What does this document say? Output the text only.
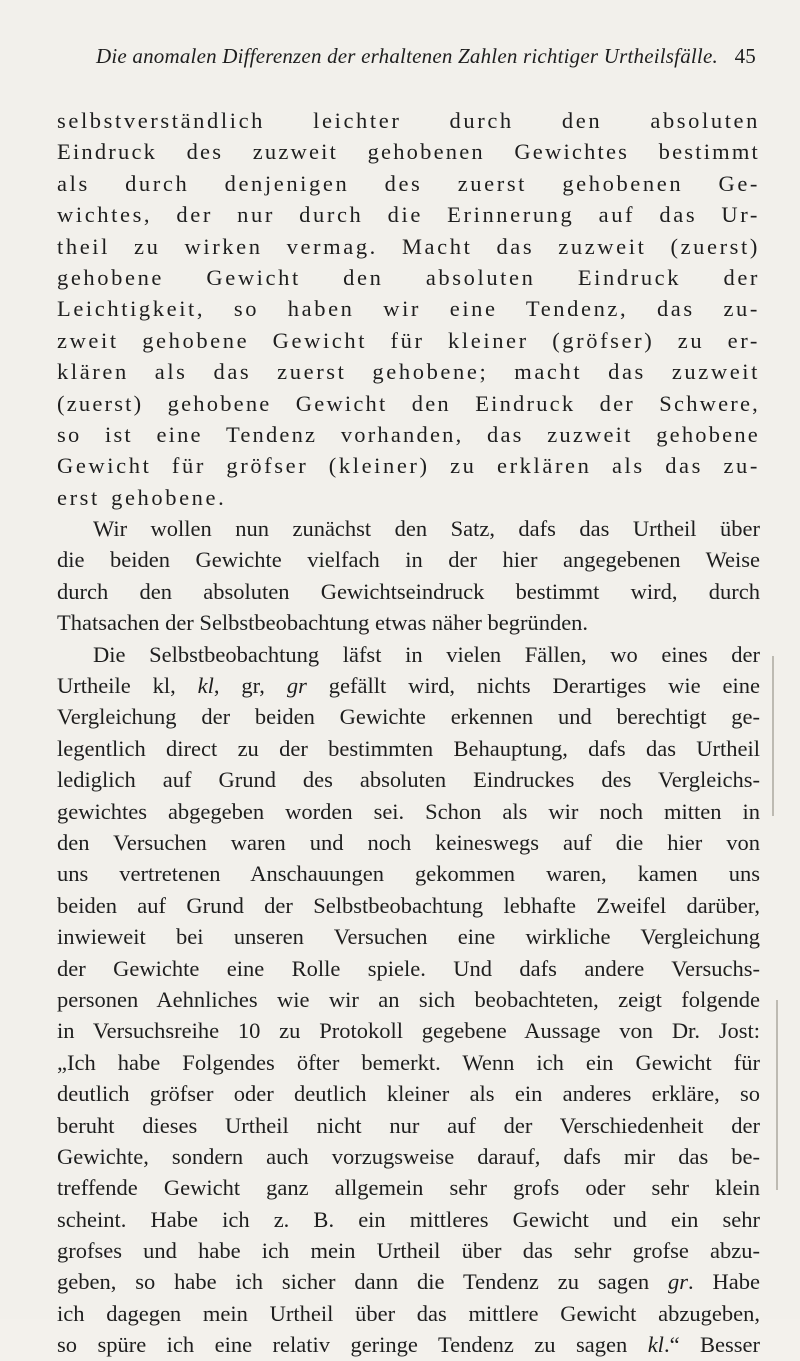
Die anomalen Differenzen der erhaltenen Zahlen richtiger Urtheilsfälle. 45
selbstverständlich leichter durch den absoluten
Eindruck des zuzweit gehobenen Gewichtes bestimmt
als durch denjenigen des zuerst gehobenen Ge-
wichtes, der nur durch die Erinnerung auf das Ur-
theil zu wirken vermag. Macht das zuzweit (zuerst)
gehobene Gewicht den absoluten Eindruck der
Leichtigkeit, so haben wir eine Tendenz, das zu-
zweit gehobene Gewicht für kleiner (gröfser) zu er-
klären als das zuerst gehobene; macht das zuzweit
(zuerst) gehobene Gewicht den Eindruck der Schwere,
so ist eine Tendenz vorhanden, das zuzweit gehobene
Gewicht für gröfser (kleiner) zu erklären als das zu-
erst gehobene.
Wir wollen nun zunächst den Satz, dafs das Urtheil über
die beiden Gewichte vielfach in der hier angegebenen Weise
durch den absoluten Gewichtseindruck bestimmt wird, durch
Thatsachen der Selbstbeobachtung etwas näher begründen.
Die Selbstbeobachtung läfst in vielen Fällen, wo eines der
Urtheile kl, kl, gr, gr gefällt wird, nichts Derartiges wie eine
Vergleichung der beiden Gewichte erkennen und berechtigt ge-
legentlich direct zu der bestimmten Behauptung, dafs das Urtheil
lediglich auf Grund des absoluten Eindruckes des Vergleichs-
gewichtes abgegeben worden sei. Schon als wir noch mitten in
den Versuchen waren und noch keineswegs auf die hier von
uns vertretenen Anschauungen gekommen waren, kamen uns
beiden auf Grund der Selbstbeobachtung lebhafte Zweifel darüber,
inwieweit bei unseren Versuchen eine wirkliche Vergleichung
der Gewichte eine Rolle spiele. Und dafs andere Versuchs-
personen Aehnliches wie wir an sich beobachteten, zeigt folgende
in Versuchsreihe 10 zu Protokoll gegebene Aussage von Dr. Jost:
„Ich habe Folgendes öfter bemerkt. Wenn ich ein Gewicht für
deutlich gröfser oder deutlich kleiner als ein anderes erkläre, so
beruht dieses Urtheil nicht nur auf der Verschiedenheit der
Gewichte, sondern auch vorzugsweise darauf, dafs mir das be-
treffende Gewicht ganz allgemein sehr grofs oder sehr klein
scheint. Habe ich z. B. ein mittleres Gewicht und ein sehr
grofses und habe ich mein Urtheil über das sehr grofse abzu-
geben, so habe ich sicher dann die Tendenz zu sagen gr. Habe
ich dagegen mein Urtheil über das mittlere Gewicht abzugeben,
so spüre ich eine relativ geringe Tendenz zu sagen kl.“ Besser
